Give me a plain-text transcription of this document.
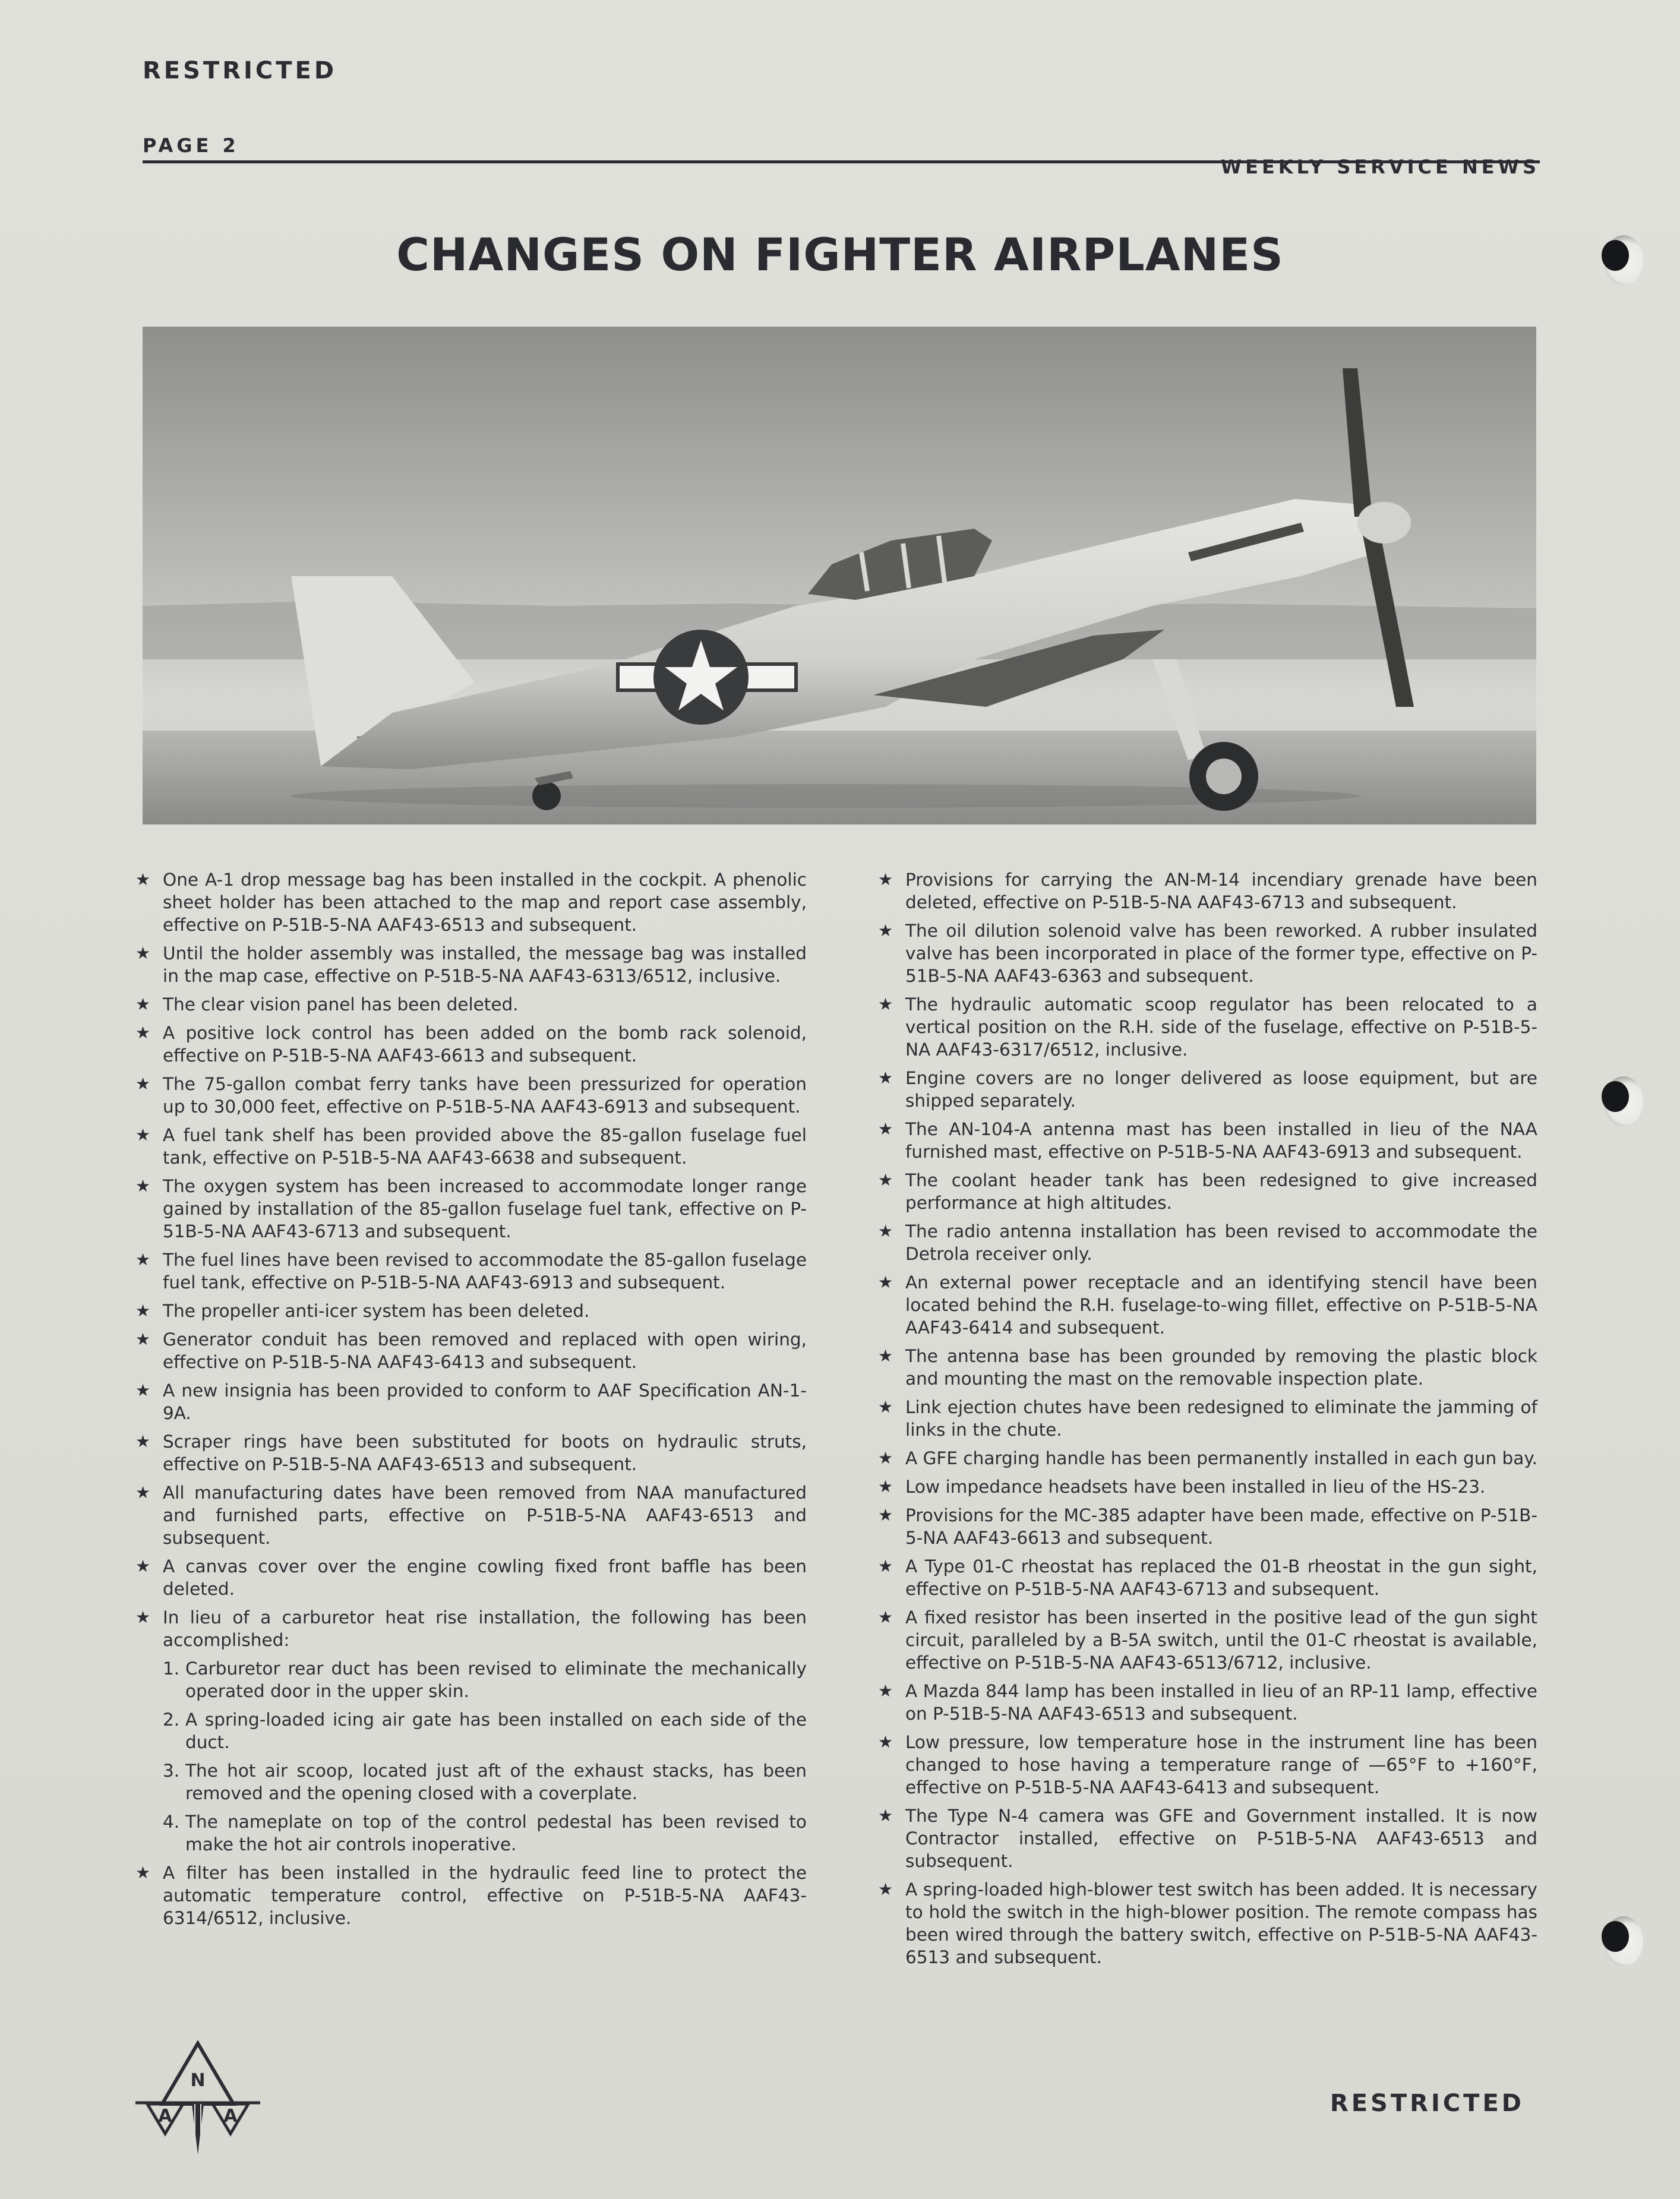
RESTRICTED
PAGE 2
WEEKLY SERVICE NEWS
CHANGES ON FIGHTER AIRPLANES
★ One A-1 drop message bag has been installed in the cockpit. A phenolic sheet holder has been attached to the map and report case assembly, effective on P-51B-5-NA AAF43-6513 and subsequent.
★ Until the holder assembly was installed, the message bag was installed in the map case, effective on P-51B-5-NA AAF43-6313/6512, inclusive.
★ The clear vision panel has been deleted.
★ A positive lock control has been added on the bomb rack solenoid, effective on P-51B-5-NA AAF43-6613 and subsequent.
★ The 75-gallon combat ferry tanks have been pressurized for operation up to 30,000 feet, effective on P-51B-5-NA AAF43-6913 and subsequent.
★ A fuel tank shelf has been provided above the 85-gallon fuselage fuel tank, effective on P-51B-5-NA AAF43-6638 and subsequent.
★ The oxygen system has been increased to accommodate longer range gained by installation of the 85-gallon fuselage fuel tank, effective on P-51B-5-NA AAF43-6713 and subsequent.
★ The fuel lines have been revised to accommodate the 85-gallon fuselage fuel tank, effective on P-51B-5-NA AAF43-6913 and subsequent.
★ The propeller anti-icer system has been deleted.
★ Generator conduit has been removed and replaced with open wiring, effective on P-51B-5-NA AAF43-6413 and subsequent.
★ A new insignia has been provided to conform to AAF Specification AN-1-9A.
★ Scraper rings have been substituted for boots on hydraulic struts, effective on P-51B-5-NA AAF43-6513 and subsequent.
★ All manufacturing dates have been removed from NAA manufactured and furnished parts, effective on P-51B-5-NA AAF43-6513 and subsequent.
★ A canvas cover over the engine cowling fixed front baffle has been deleted.
★ In lieu of a carburetor heat rise installation, the following has been accomplished:
1. Carburetor rear duct has been revised to eliminate the mechanically operated door in the upper skin.
2. A spring-loaded icing air gate has been installed on each side of the duct.
3. The hot air scoop, located just aft of the exhaust stacks, has been removed and the opening closed with a coverplate.
4. The nameplate on top of the control pedestal has been revised to make the hot air controls inoperative.
★ A filter has been installed in the hydraulic feed line to protect the automatic temperature control, effective on P-51B-5-NA AAF43-6314/6512, inclusive.
★ Provisions for carrying the AN-M-14 incendiary grenade have been deleted, effective on P-51B-5-NA AAF43-6713 and subsequent.
★ The oil dilution solenoid valve has been reworked. A rubber insulated valve has been incorporated in place of the former type, effective on P-51B-5-NA AAF43-6363 and subsequent.
★ The hydraulic automatic scoop regulator has been relocated to a vertical position on the R.H. side of the fuselage, effective on P-51B-5-NA AAF43-6317/6512, inclusive.
★ Engine covers are no longer delivered as loose equipment, but are shipped separately.
★ The AN-104-A antenna mast has been installed in lieu of the NAA furnished mast, effective on P-51B-5-NA AAF43-6913 and subsequent.
★ The coolant header tank has been redesigned to give increased performance at high altitudes.
★ The radio antenna installation has been revised to accommodate the Detrola receiver only.
★ An external power receptacle and an identifying stencil have been located behind the R.H. fuselage-to-wing fillet, effective on P-51B-5-NA AAF43-6414 and subsequent.
★ The antenna base has been grounded by removing the plastic block and mounting the mast on the removable inspection plate.
★ Link ejection chutes have been redesigned to eliminate the jamming of links in the chute.
★ A GFE charging handle has been permanently installed in each gun bay.
★ Low impedance headsets have been installed in lieu of the HS-23.
★ Provisions for the MC-385 adapter have been made, effective on P-51B-5-NA AAF43-6613 and subsequent.
★ A Type 01-C rheostat has replaced the 01-B rheostat in the gun sight, effective on P-51B-5-NA AAF43-6713 and subsequent.
★ A fixed resistor has been inserted in the positive lead of the gun sight circuit, paralleled by a B-5A switch, until the 01-C rheostat is available, effective on P-51B-5-NA AAF43-6513/6712, inclusive.
★ A Mazda 844 lamp has been installed in lieu of an RP-11 lamp, effective on P-51B-5-NA AAF43-6513 and subsequent.
★ Low pressure, low temperature hose in the instrument line has been changed to hose having a temperature range of —65°F to +160°F, effective on P-51B-5-NA AAF43-6413 and subsequent.
★ The Type N-4 camera was GFE and Government installed. It is now Contractor installed, effective on P-51B-5-NA AAF43-6513 and subsequent.
★ A spring-loaded high-blower test switch has been added. It is necessary to hold the switch in the high-blower position. The remote compass has been wired through the battery switch, effective on P-51B-5-NA AAF43-6513 and subsequent.
N
A	A	RESTRICTED
